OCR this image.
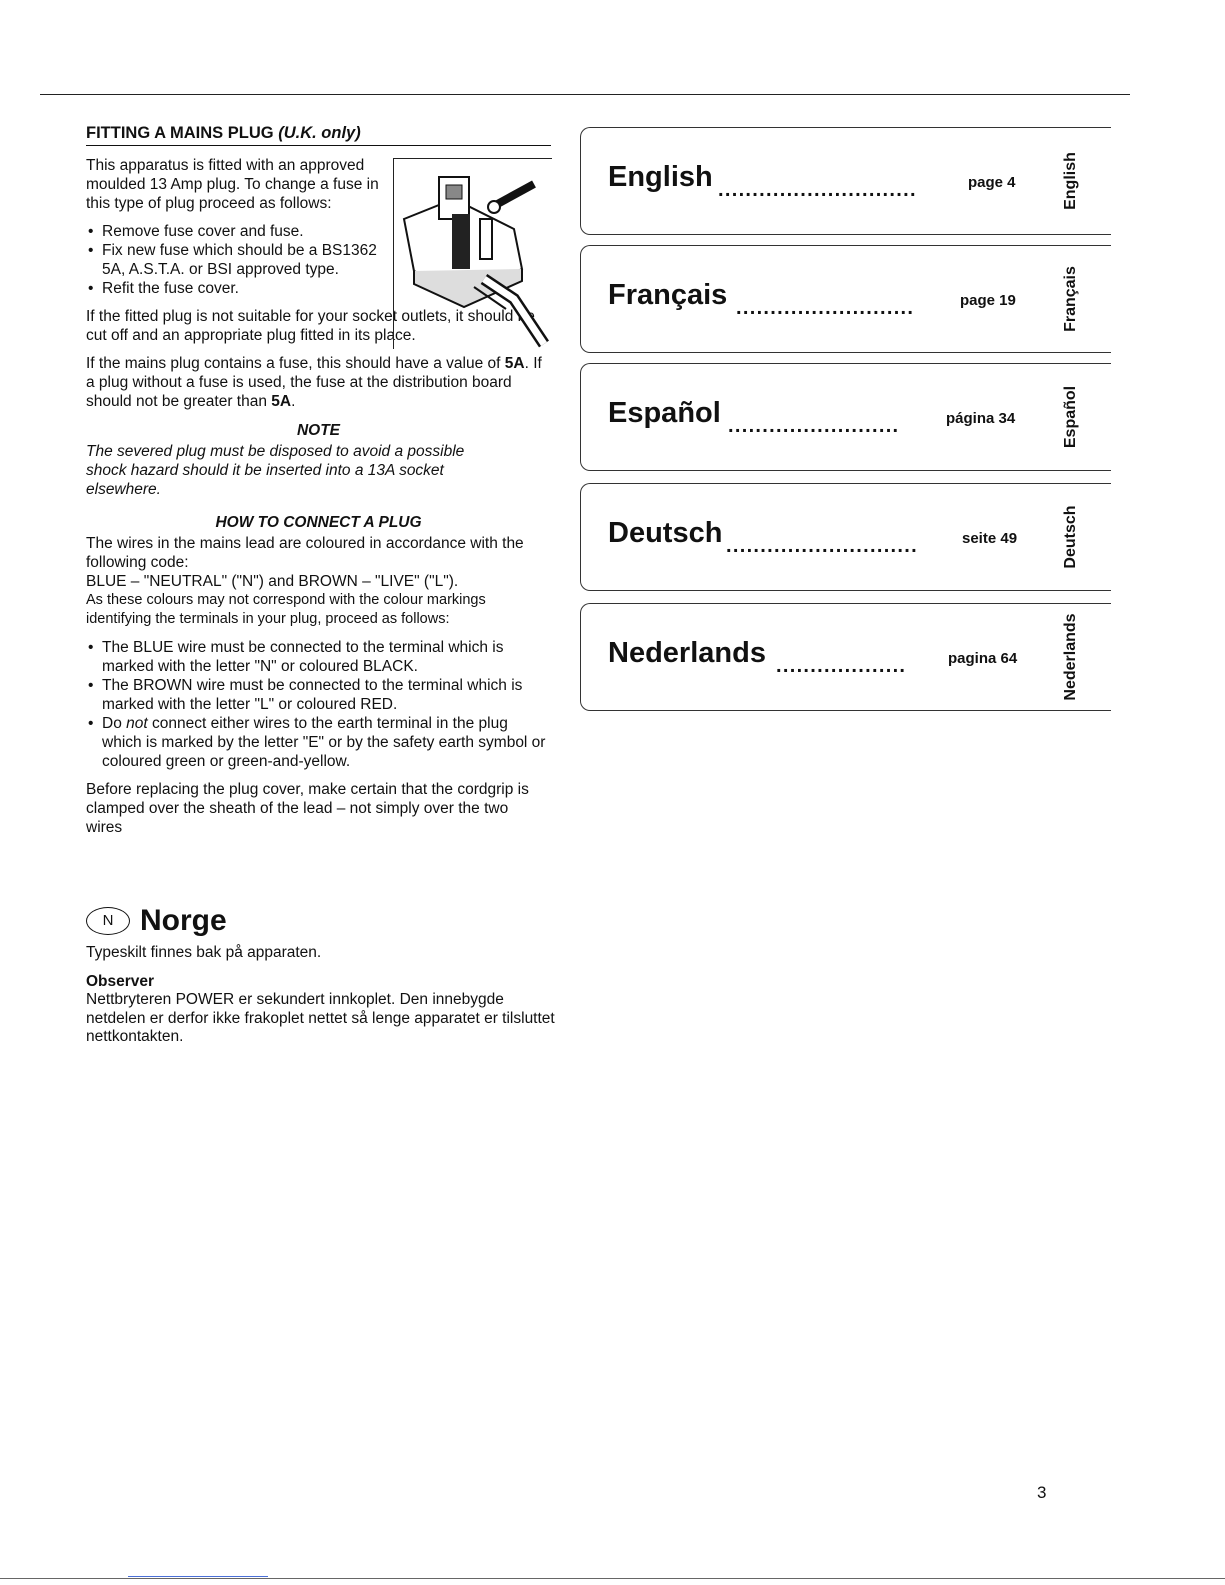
FITTING A MAINS PLUG (U.K. only)

This apparatus is fitted with an approved moulded 13 Amp plug. To change a fuse in this type of plug proceed as follows:

• Remove fuse cover and fuse.
• Fix new fuse which should be a BS1362 5A, A.S.T.A. or BSI approved type.
• Refit the fuse cover.

If the fitted plug is not suitable for your socket outlets, it should be cut off and an appropriate plug fitted in its place.

If the mains plug contains a fuse, this should have a value of 5A. If a plug without a fuse is used, the fuse at the distribution board should not be greater than 5A.

NOTE

The severed plug must be disposed to avoid a possible shock hazard should it be inserted into a 13A socket elsewhere.

HOW TO CONNECT A PLUG
The wires in the mains lead are coloured in accordance with the following code:
BLUE – "NEUTRAL" ("N") and BROWN – "LIVE" ("L").

As these colours may not correspond with the colour markings identifying the terminals in your plug, proceed as follows:

• The BLUE wire must be connected to the terminal which is marked with the letter "N" or coloured BLACK.
• The BROWN wire must be connected to the terminal which is marked with the letter "L" or coloured RED.
• Do not connect either wires to the earth terminal in the plug which is marked by the letter "E" or by the safety earth symbol or coloured green or green-and-yellow.

Before replacing the plug cover, make certain that the cordgrip is clamped over the sheath of the lead – not simply over the two wires

N Norge

Typeskilt finnes bak på apparaten.

Observer
Nettbryteren POWER er sekundert innkoplet. Den innebygde netdelen er derfor ikke frakoplet nettet så lenge apparatet er tilsluttet nettkontakten.
English .............................	page 4	English
Français ..........................	page 19	Français
Español .........................	página 34	Español
Deutsch ............................	seite 49	Deutsch
Nederlands ...................	pagina 64	Nederlands
3
